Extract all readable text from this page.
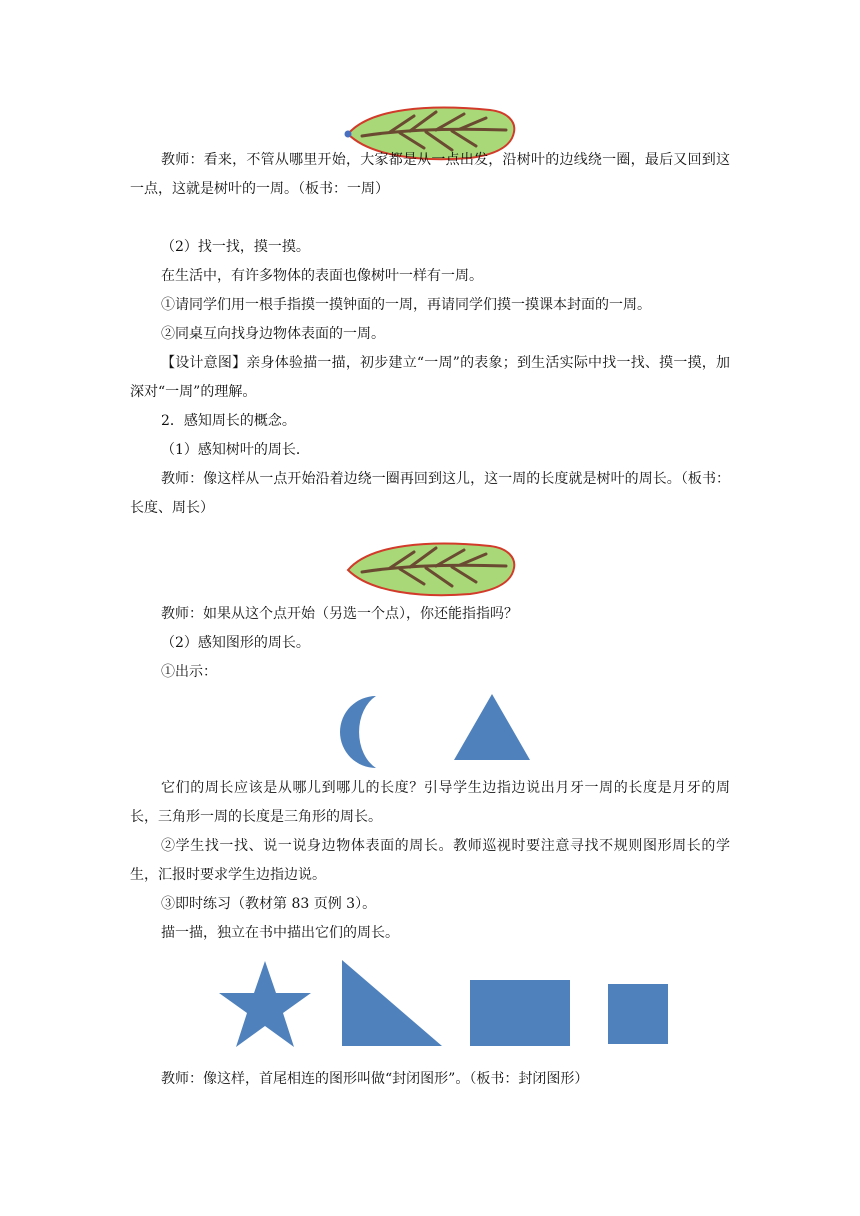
教师：看来，不管从哪里开始，大家都是从一点出发，沿树叶的边线绕一圈，最后又回到这一点，这就是树叶的一周。（板书：一周）

（2）找一找，摸一摸。

在生活中，有许多物体的表面也像树叶一样有一周。

①请同学们用一根手指摸一摸钟面的一周，再请同学们摸一摸课本封面的一周。

②同桌互向找身边物体表面的一周。

【设计意图】亲身体验描一描，初步建立“一周”的表象；到生活实际中找一找、摸一摸，加深对“一周”的理解。

2．感知周长的概念。

（1）感知树叶的周长．

教师：像这样从一点开始沿着边绕一圈再回到这儿，这一周的长度就是树叶的周长。（板书：长度、周长）

教师：如果从这个点开始（另选一个点），你还能指指吗？

（2）感知图形的周长。

①出示：

它们的周长应该是从哪儿到哪儿的长度？引导学生边指边说出月牙一周的长度是月牙的周长，三角形一周的长度是三角形的周长。

②学生找一找、说一说身边物体表面的周长。教师巡视时要注意寻找不规则图形周长的学生，汇报时要求学生边指边说。

③即时练习（教材第 83 页例 3）。

描一描，独立在书中描出它们的周长。

教师：像这样，首尾相连的图形叫做“封闭图形”。（板书：封闭图形）
